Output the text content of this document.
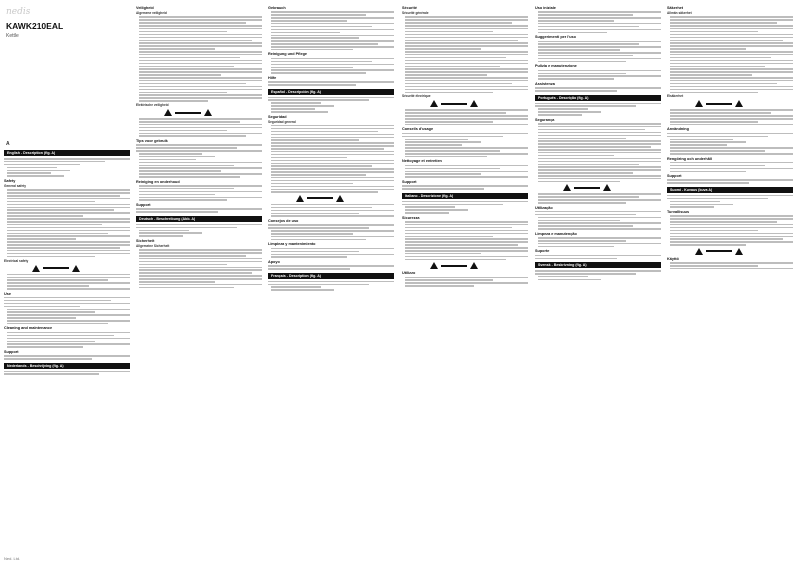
nedis
KAWK210EAL
Kettle
A
English - Description (fig. A)
Safety
General safety
Electrical safety
Use
Cleaning and maintenance
Support
Nederlands - Beschrijving (fig. A)
Veiligheid
Algemene veiligheid
Elektrische veiligheid
Tips voor gebruik
Reiniging en onderhoud
Support
Deutsch - Beschreibung (Abb. A)
Sicherheit
Allgemeine Sicherheit
Gebrauch
Reinigung und Pflege
Hilfe
Español - Descripción (fig. A)
Seguridad
Seguridad general
Consejos de uso
Limpieza y mantenimiento
Apoyo
Français - Description (fig. A)
Sécurité
Sécurité générale
Sécurité électrique
Conseils d'usage
Nettoyage et entretien
Support
Italiano - Descrizione (fig. A)
Sicurezza
Utilizzo
Uso iniziale
Suggerimenti per l'uso
Pulizia e manutenzione
Assistenza
Português - Descrição (fig. A)
Segurança
Utilização
Limpeza e manutenção
Suporte
Svensk - Beskrivning (fig. A)
Säkerhet
Allmän säkerhet
Elsäkerhet
Användning
Rengöring och underhåll
Support
Suomi - Kuvaus (kuva A)
Turvallisuus
Käyttö
Ned. Ltd.
